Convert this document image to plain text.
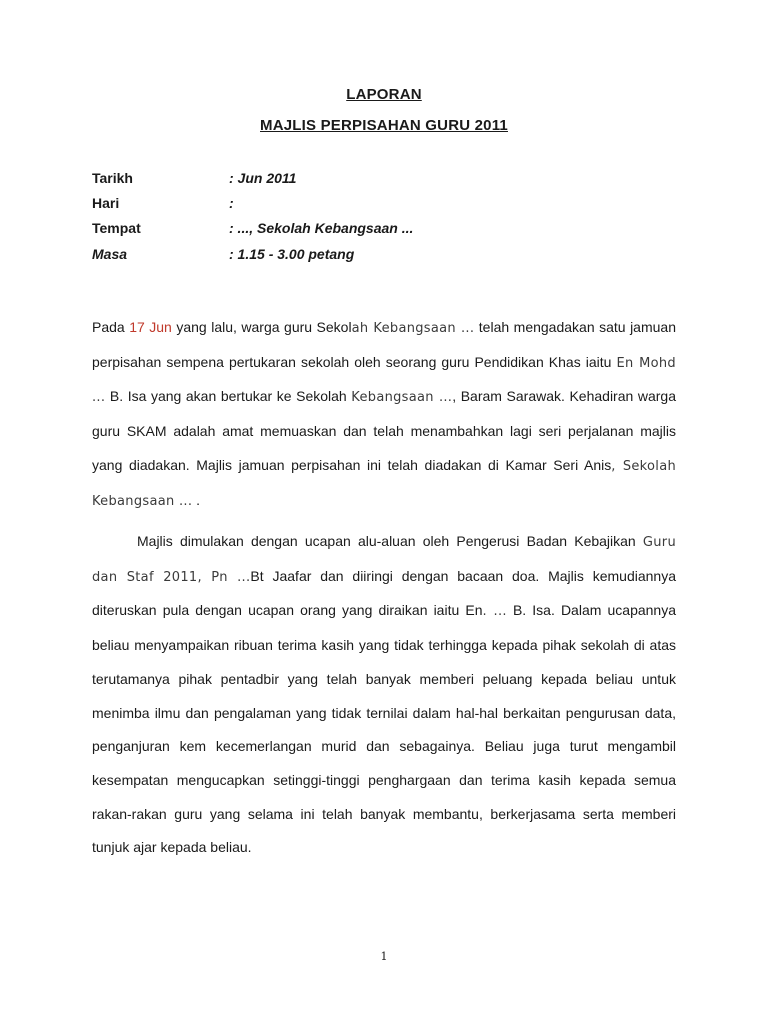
LAPORAN
MAJLIS PERPISAHAN GURU 2011
Tarikh	: Jun 2011
Hari	:
Tempat	: ..., Sekolah Kebangsaan ...
Masa	: 1.15 - 3.00 petang

Pada 17 Jun yang lalu, warga guru Sekolah Kebangsaan ... telah mengadakan satu jamuan perpisahan sempena pertukaran sekolah oleh seorang guru Pendidikan Khas iaitu En Mohd ... B. Isa yang akan bertukar ke Sekolah Kebangsaan ..., Baram Sarawak. Kehadiran warga guru SKAM adalah amat memuaskan dan telah menambahkan lagi seri perjalanan majlis yang diadakan. Majlis jamuan perpisahan ini telah diadakan di Kamar Seri Anis, Sekolah Kebangsaan ... .

Majlis dimulakan dengan ucapan alu-aluan oleh Pengerusi Badan Kebajikan Guru dan Staf 2011, Pn ...Bt Jaafar dan diiringi dengan bacaan doa. Majlis kemudiannya diteruskan pula dengan ucapan orang yang diraikan iaitu En. ... B. Isa. Dalam ucapannya beliau menyampaikan ribuan terima kasih yang tidak terhingga kepada pihak sekolah di atas terutamanya pihak pentadbir yang telah banyak memberi peluang kepada beliau untuk menimba ilmu dan pengalaman yang tidak ternilai dalam hal-hal berkaitan pengurusan data, penganjuran kem kecemerlangan murid dan sebagainya. Beliau juga turut mengambil kesempatan mengucapkan setinggi-tinggi penghargaan dan terima kasih kepada semua rakan-rakan guru yang selama ini telah banyak membantu, berkerjasama serta memberi tunjuk ajar kepada beliau.

1
